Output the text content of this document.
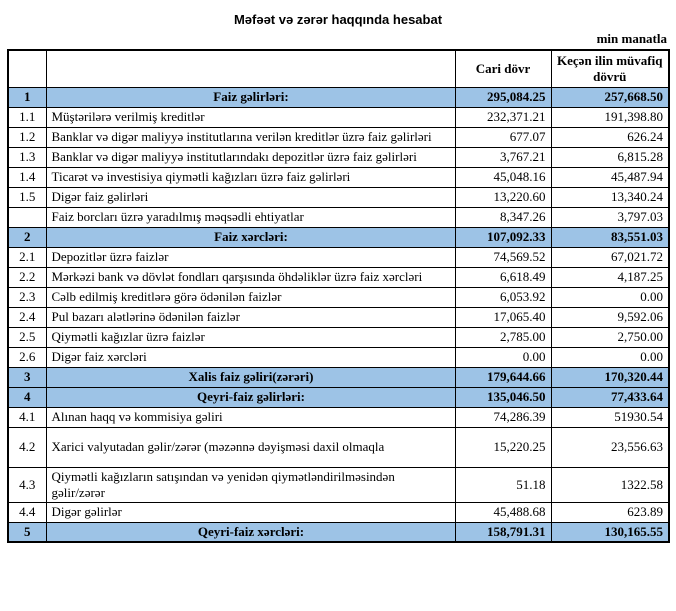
Məfəət və zərər haqqında hesabat
min manatla
		Cari dövr	Keçən ilin müvafiq dövrü
1	Faiz gəlirləri:	295,084.25	257,668.50
1.1	Müştərilərə verilmiş kreditlər	232,371.21	191,398.80
1.2	Banklar və digər maliyyə institutlarına verilən kreditlər üzrə faiz gəlirləri	677.07	626.24
1.3	Banklar və digər maliyyə institutlarındakı depozitlər üzrə faiz gəlirləri	3,767.21	6,815.28
1.4	Ticarət və investisiya qiymətli kağızları üzrə faiz gəlirləri	45,048.16	45,487.94
1.5	Digər faiz gəlirləri	13,220.60	13,340.24
	Faiz borcları üzrə yaradılmış məqsədli ehtiyatlar	8,347.26	3,797.03
2	Faiz xərcləri:	107,092.33	83,551.03
2.1	Depozitlər üzrə faizlər	74,569.52	67,021.72
2.2	Mərkəzi bank və dövlət fondları qarşısında öhdəliklər üzrə faiz xərcləri	6,618.49	4,187.25
2.3	Cəlb edilmiş kreditlərə görə ödənilən faizlər	6,053.92	0.00
2.4	Pul bazarı alətlərinə ödənilən faizlər	17,065.40	9,592.06
2.5	Qiymətli kağızlar üzrə faizlər	2,785.00	2,750.00
2.6	Digər faiz xərcləri	0.00	0.00
3	Xalis faiz gəliri(zərəri)	179,644.66	170,320.44
4	Qeyri-faiz gəlirləri:	135,046.50	77,433.64
4.1	Alınan haqq və kommisiya gəliri	74,286.39	51930.54
4.2	Xarici valyutadan gəlir/zərər (məzənnə dəyişməsi daxil olmaqla	15,220.25	23,556.63
4.3	Qiymətli kağızların satışından və yenidən qiymətləndirilməsindən gəlir/zərər	51.18	1322.58
4.4	Digər gəlirlər	45,488.68	623.89
5	Qeyri-faiz xərcləri:	158,791.31	130,165.55
